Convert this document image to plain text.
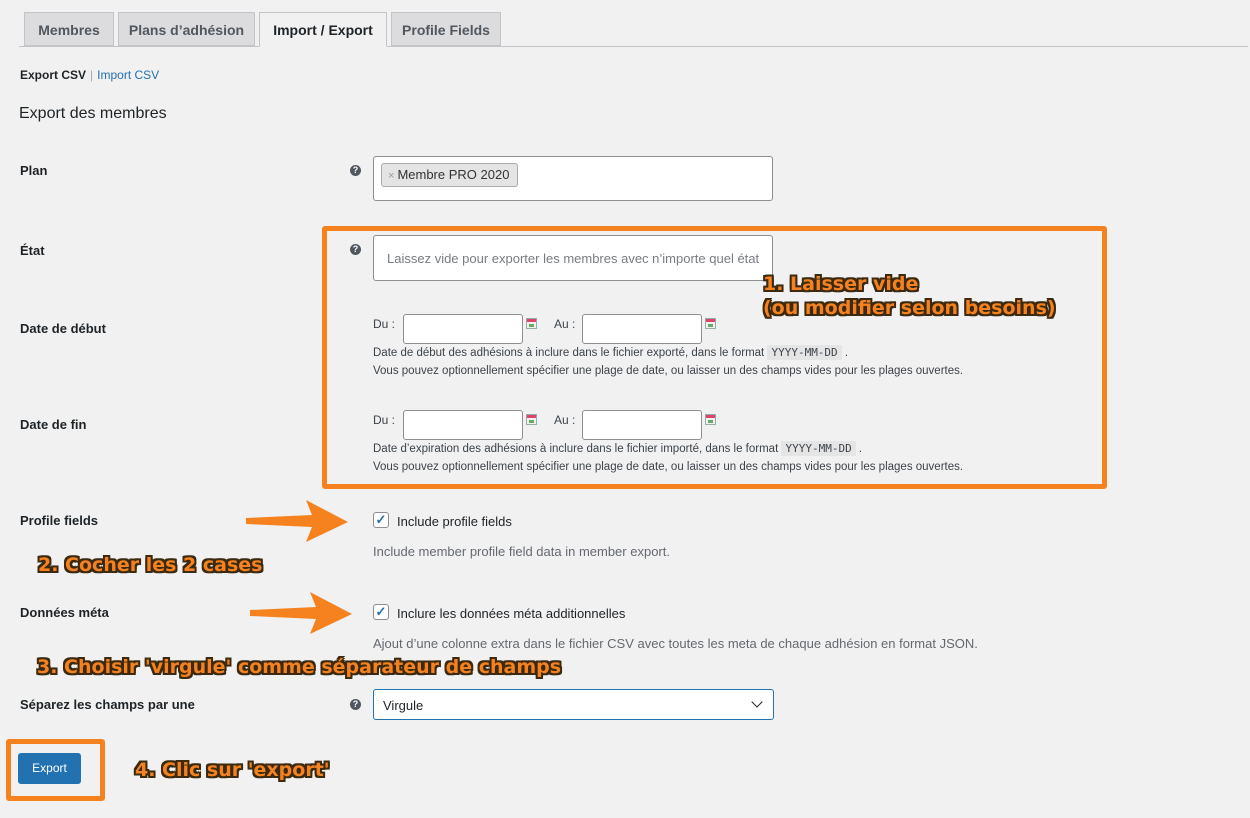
Membres	Plans d’adhésion	Import / Export	Profile Fields
Export CSV | Import CSV
Export des membres
Plan	?	× Membre PRO 2020
État	?
Laissez vide pour exporter les membres avec n’importe quel état
Date de début	Du :	Au :
Date de début des adhésions à inclure dans le fichier exporté, dans le format YYYY-MM-DD .
Vous pouvez optionnellement spécifier une plage de date, ou laisser un des champs vides pour les plages ouvertes.
Date de fin	Du :	Au :
Date d’expiration des adhésions à inclure dans le fichier importé, dans le format YYYY-MM-DD .
Vous pouvez optionnellement spécifier une plage de date, ou laisser un des champs vides pour les plages ouvertes.
Profile fields	✓ Include profile fields
Include member profile field data in member export.
Données méta	✓ Inclure les données méta additionnelles
Ajout d’une colonne extra dans le fichier CSV avec toutes les meta de chaque adhésion en format JSON.
Séparez les champs par une	? Virgule
Export
1. Laisser vide
(ou modifier selon besoins)
2. Cocher les 2 cases
3. Choisir 'virgule' comme séparateur de champs
4. Clic sur 'export'
